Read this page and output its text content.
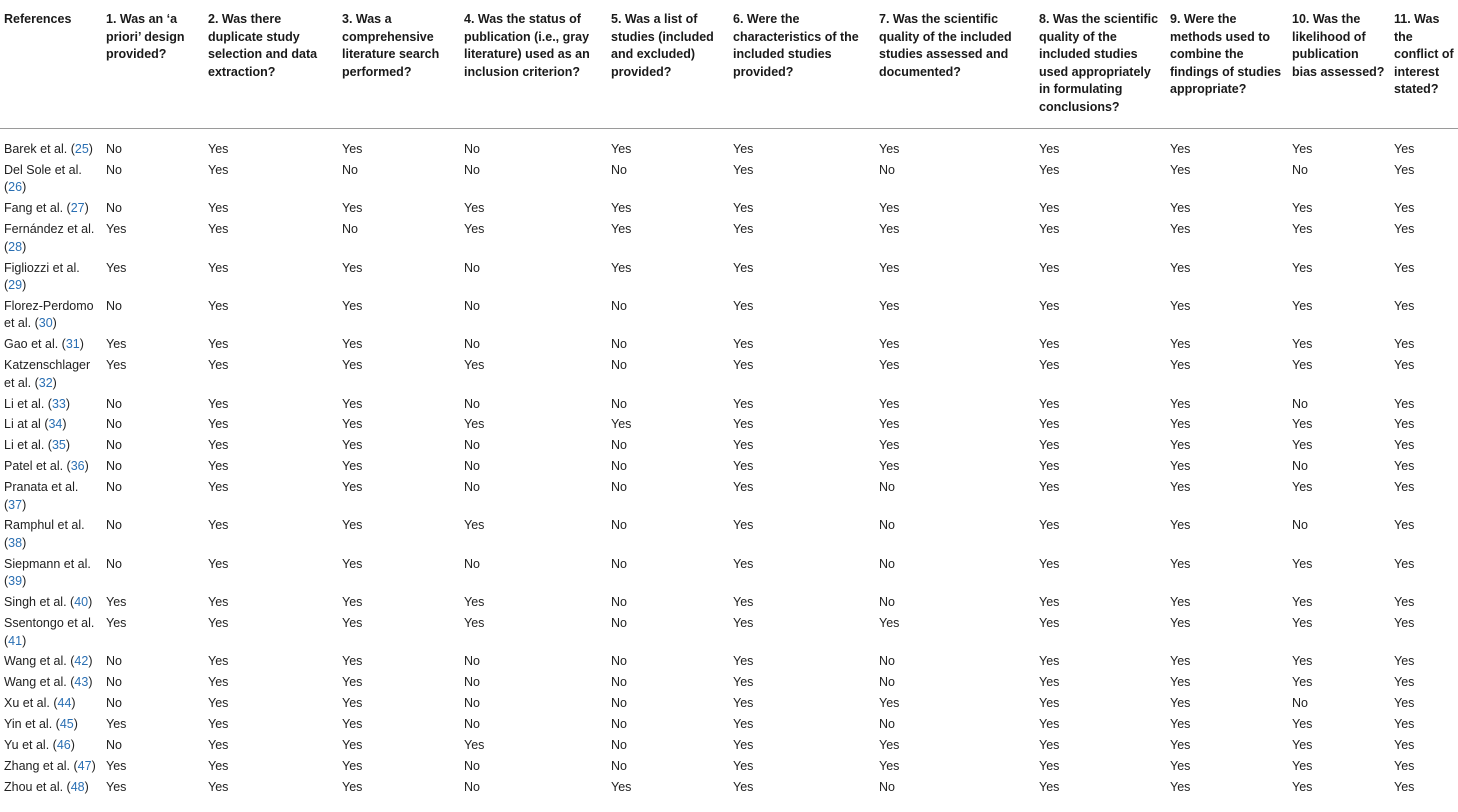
References	1. Was an ‘a priori’ design provided?	2. Was there duplicate study selection and data extraction?	3. Was a comprehensive literature search performed?	4. Was the status of publication (i.e., gray literature) used as an inclusion criterion?	5. Was a list of studies (included and excluded) provided?	6. Were the characteristics of the included studies provided?	7. Was the scientific quality of the included studies assessed and documented?	8. Was the scientific quality of the included studies used appropriately in formulating conclusions?	9. Were the methods used to combine the findings of studies appropriate?	10. Was the likelihood of publication bias assessed?	11. Was the conflict of interest stated?
Barek et al. (25)	No	Yes	Yes	No	Yes	Yes	Yes	Yes	Yes	Yes	Yes
Del Sole et al. (26)	No	Yes	No	No	No	Yes	No	Yes	Yes	No	Yes
Fang et al. (27)	No	Yes	Yes	Yes	Yes	Yes	Yes	Yes	Yes	Yes	Yes
Fernández et al. (28)	Yes	Yes	No	Yes	Yes	Yes	Yes	Yes	Yes	Yes	Yes
Figliozzi et al. (29)	Yes	Yes	Yes	No	Yes	Yes	Yes	Yes	Yes	Yes	Yes
Florez-Perdomo et al. (30)	No	Yes	Yes	No	No	Yes	Yes	Yes	Yes	Yes	Yes
Gao et al. (31)	Yes	Yes	Yes	No	No	Yes	Yes	Yes	Yes	Yes	Yes
Katzenschlager et al. (32)	Yes	Yes	Yes	Yes	No	Yes	Yes	Yes	Yes	Yes	Yes
Li et al. (33)	No	Yes	Yes	No	No	Yes	Yes	Yes	Yes	No	Yes
Li at al (34)	No	Yes	Yes	Yes	Yes	Yes	Yes	Yes	Yes	Yes	Yes
Li et al. (35)	No	Yes	Yes	No	No	Yes	Yes	Yes	Yes	Yes	Yes
Patel et al. (36)	No	Yes	Yes	No	No	Yes	Yes	Yes	Yes	No	Yes
Pranata et al. (37)	No	Yes	Yes	No	No	Yes	No	Yes	Yes	Yes	Yes
Ramphul et al. (38)	No	Yes	Yes	Yes	No	Yes	No	Yes	Yes	No	Yes
Siepmann et al. (39)	No	Yes	Yes	No	No	Yes	No	Yes	Yes	Yes	Yes
Singh et al. (40)	Yes	Yes	Yes	Yes	No	Yes	No	Yes	Yes	Yes	Yes
Ssentongo et al. (41)	Yes	Yes	Yes	Yes	No	Yes	Yes	Yes	Yes	Yes	Yes
Wang et al. (42)	No	Yes	Yes	No	No	Yes	No	Yes	Yes	Yes	Yes
Wang et al. (43)	No	Yes	Yes	No	No	Yes	No	Yes	Yes	Yes	Yes
Xu et al. (44)	No	Yes	Yes	No	No	Yes	Yes	Yes	Yes	No	Yes
Yin et al. (45)	Yes	Yes	Yes	No	No	Yes	No	Yes	Yes	Yes	Yes
Yu et al. (46)	No	Yes	Yes	Yes	No	Yes	Yes	Yes	Yes	Yes	Yes
Zhang et al. (47)	Yes	Yes	Yes	No	No	Yes	Yes	Yes	Yes	Yes	Yes
Zhou et al. (48)	Yes	Yes	Yes	No	Yes	Yes	No	Yes	Yes	Yes	Yes
